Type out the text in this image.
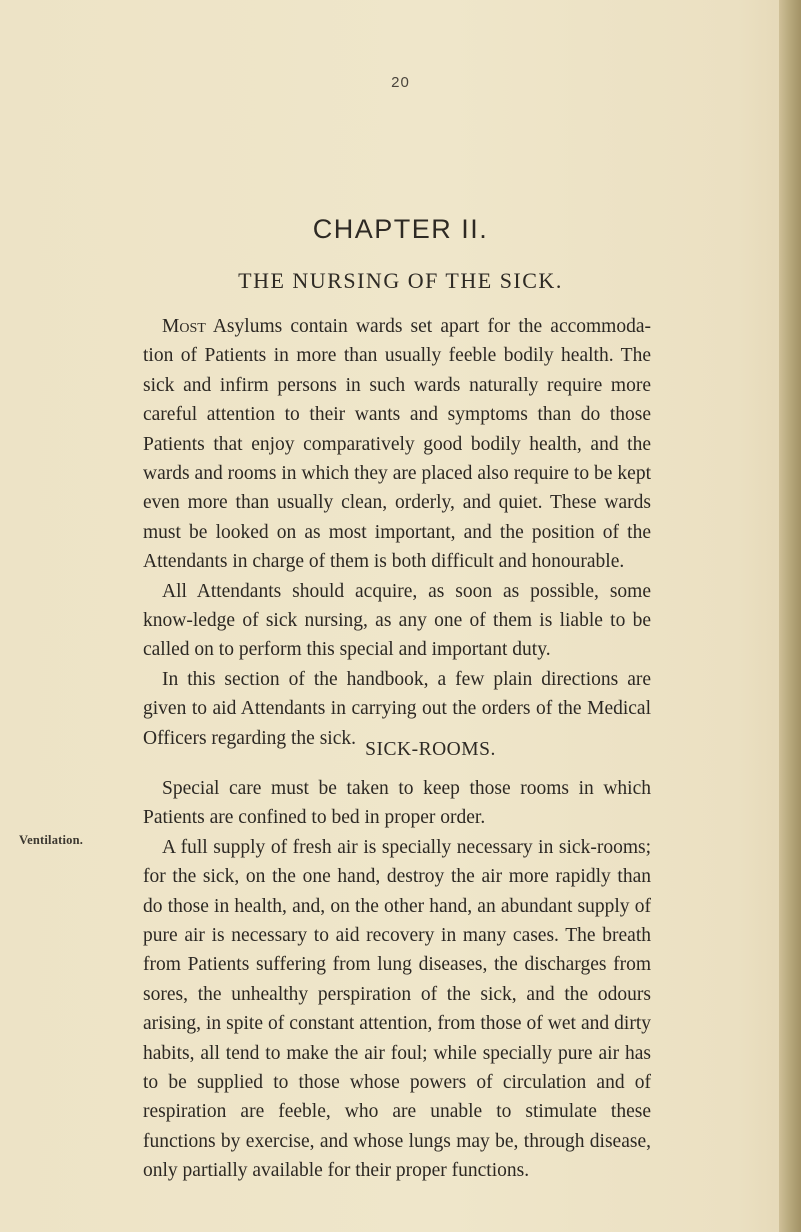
20
CHAPTER II.
THE NURSING OF THE SICK.

Most Asylums contain wards set apart for the accommoda-tion of Patients in more than usually feeble bodily health. The sick and infirm persons in such wards naturally require more careful attention to their wants and symptoms than do those Patients that enjoy comparatively good bodily health, and the wards and rooms in which they are placed also require to be kept even more than usually clean, orderly, and quiet. These wards must be looked on as most important, and the position of the Attendants in charge of them is both difficult and honourable.

All Attendants should acquire, as soon as possible, some know-ledge of sick nursing, as any one of them is liable to be called on to perform this special and important duty.

In this section of the handbook, a few plain directions are given to aid Attendants in carrying out the orders of the Medical Officers regarding the sick.

SICK-ROOMS.
Ventilation.

Special care must be taken to keep those rooms in which Patients are confined to bed in proper order.

A full supply of fresh air is specially necessary in sick-rooms; for the sick, on the one hand, destroy the air more rapidly than do those in health, and, on the other hand, an abundant supply of pure air is necessary to aid recovery in many cases. The breath from Patients suffering from lung diseases, the discharges from sores, the unhealthy perspiration of the sick, and the odours arising, in spite of constant attention, from those of wet and dirty habits, all tend to make the air foul; while specially pure air has to be supplied to those whose powers of circulation and of respiration are feeble, who are unable to stimulate these functions by exercise, and whose lungs may be, through disease, only partially available for their proper functions.
